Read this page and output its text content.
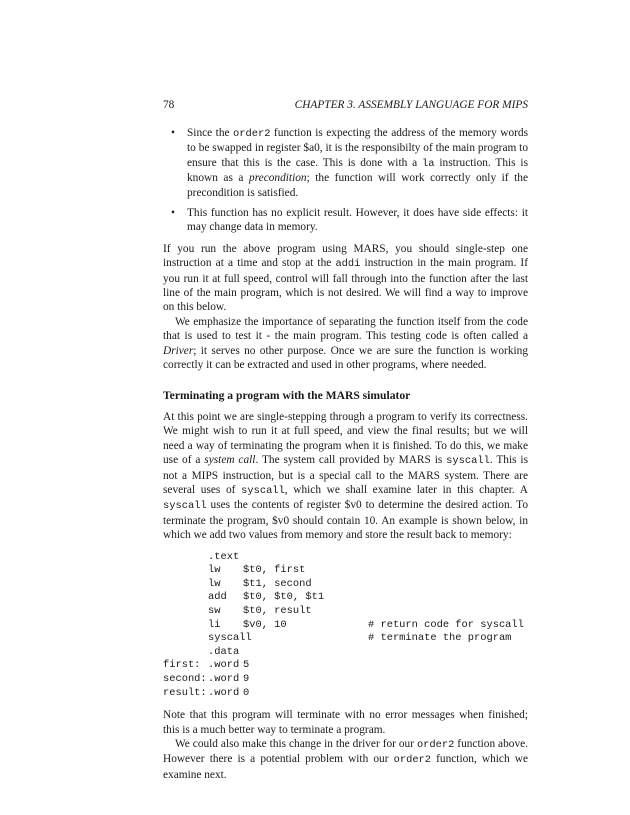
78	CHAPTER 3. ASSEMBLY LANGUAGE FOR MIPS
• Since the order2 function is expecting the address of the memory words to be swapped in register $a0, it is the responsibilty of the main program to ensure that this is the case. This is done with a la instruction. This is known as a precondition; the function will work correctly only if the precondition is satisfied.
• This function has no explicit result. However, it does have side effects: it may change data in memory.

If you run the above program using MARS, you should single-step one instruction at a time and stop at the addi instruction in the main program. If you run it at full speed, control will fall through into the function after the last line of the main program, which is not desired. We will find a way to improve on this below.

We emphasize the importance of separating the function itself from the code that is used to test it - the main program. This testing code is often called a Driver; it serves no other purpose. Once we are sure the function is working correctly it can be extracted and used in other programs, where needed.

Terminating a program with the MARS simulator

At this point we are single-stepping through a program to verify its correctness. We might wish to run it at full speed, and view the final results; but we will need a way of terminating the program when it is finished. To do this, we make use of a system call. The system call provided by MARS is syscall. This is not a MIPS instruction, but is a special call to the MARS system. There are several uses of syscall, which we shall examine later in this chapter. A syscall uses the contents of register $v0 to determine the desired action. To terminate the program, $v0 should contain 10. An example is shown below, in which we add two values from memory and store the result back to memory:

.text
lw $t0, first
lw $t1, second
add $t0, $t0, $t1
sw $t0, result
li $v0, 10	# return code for syscall
syscall	# terminate the program
.data
first: .word 5
second:.word 9
result:.word 0

Note that this program will terminate with no error messages when finished; this is a much better way to terminate a program.

We could also make this change in the driver for our order2 function above. However there is a potential problem with our order2 function, which we examine next.
